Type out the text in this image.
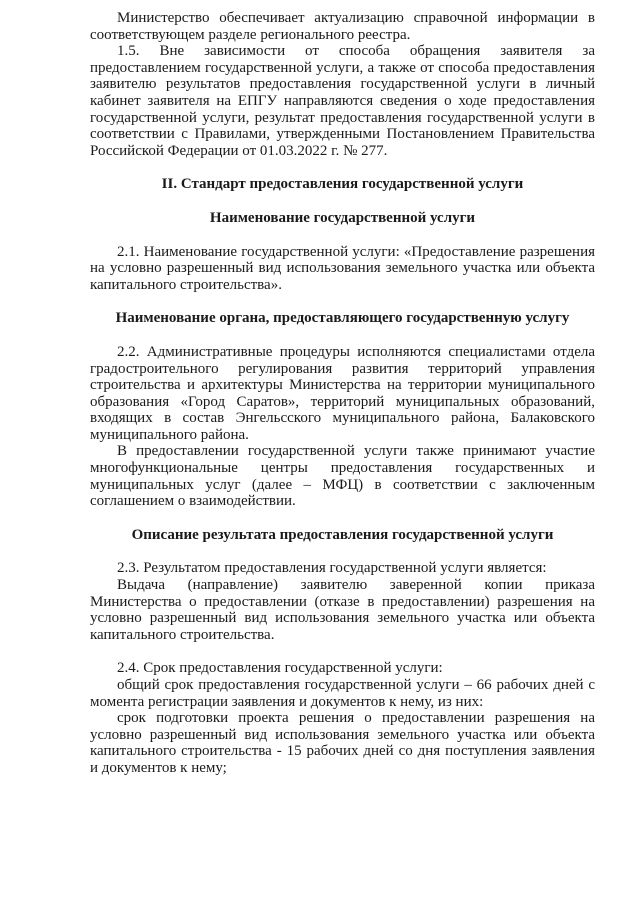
Министерство обеспечивает актуализацию справочной информации в соответствующем разделе регионального реестра.

1.5. Вне зависимости от способа обращения заявителя за предоставлением государственной услуги, а также от способа предоставления заявителю результатов предоставления государственной услуги в личный кабинет заявителя на ЕПГУ направляются сведения о ходе предоставления государственной услуги, результат предоставления государственной услуги в соответствии с Правилами, утвержденными Постановлением Правительства Российской Федерации от 01.03.2022 г. № 277.

II. Стандарт предоставления государственной услуги

Наименование государственной услуги

2.1. Наименование государственной услуги: «Предоставление разрешения на условно разрешенный вид использования земельного участка или объекта капитального строительства».

Наименование органа, предоставляющего государственную услугу

2.2. Административные процедуры исполняются специалистами отдела градостроительного регулирования развития территорий управления строительства и архитектуры Министерства на территории муниципального образования «Город Саратов», территорий муниципальных образований, входящих в состав Энгельсского муниципального района, Балаковского муниципального района.

В предоставлении государственной услуги также принимают участие многофункциональные центры предоставления государственных и муниципальных услуг (далее – МФЦ) в соответствии с заключенным соглашением о взаимодействии.

Описание результата предоставления государственной услуги

2.3. Результатом предоставления государственной услуги является:

Выдача (направление) заявителю заверенной копии приказа Министерства о предоставлении (отказе в предоставлении) разрешения на условно разрешенный вид использования земельного участка или объекта капитального строительства.

2.4. Срок предоставления государственной услуги:

общий срок предоставления государственной услуги – 66 рабочих дней с момента регистрации заявления и документов к нему, из них:

срок подготовки проекта решения о предоставлении разрешения на условно разрешенный вид использования земельного участка или объекта капитального строительства - 15 рабочих дней со дня поступления заявления и документов к нему;
